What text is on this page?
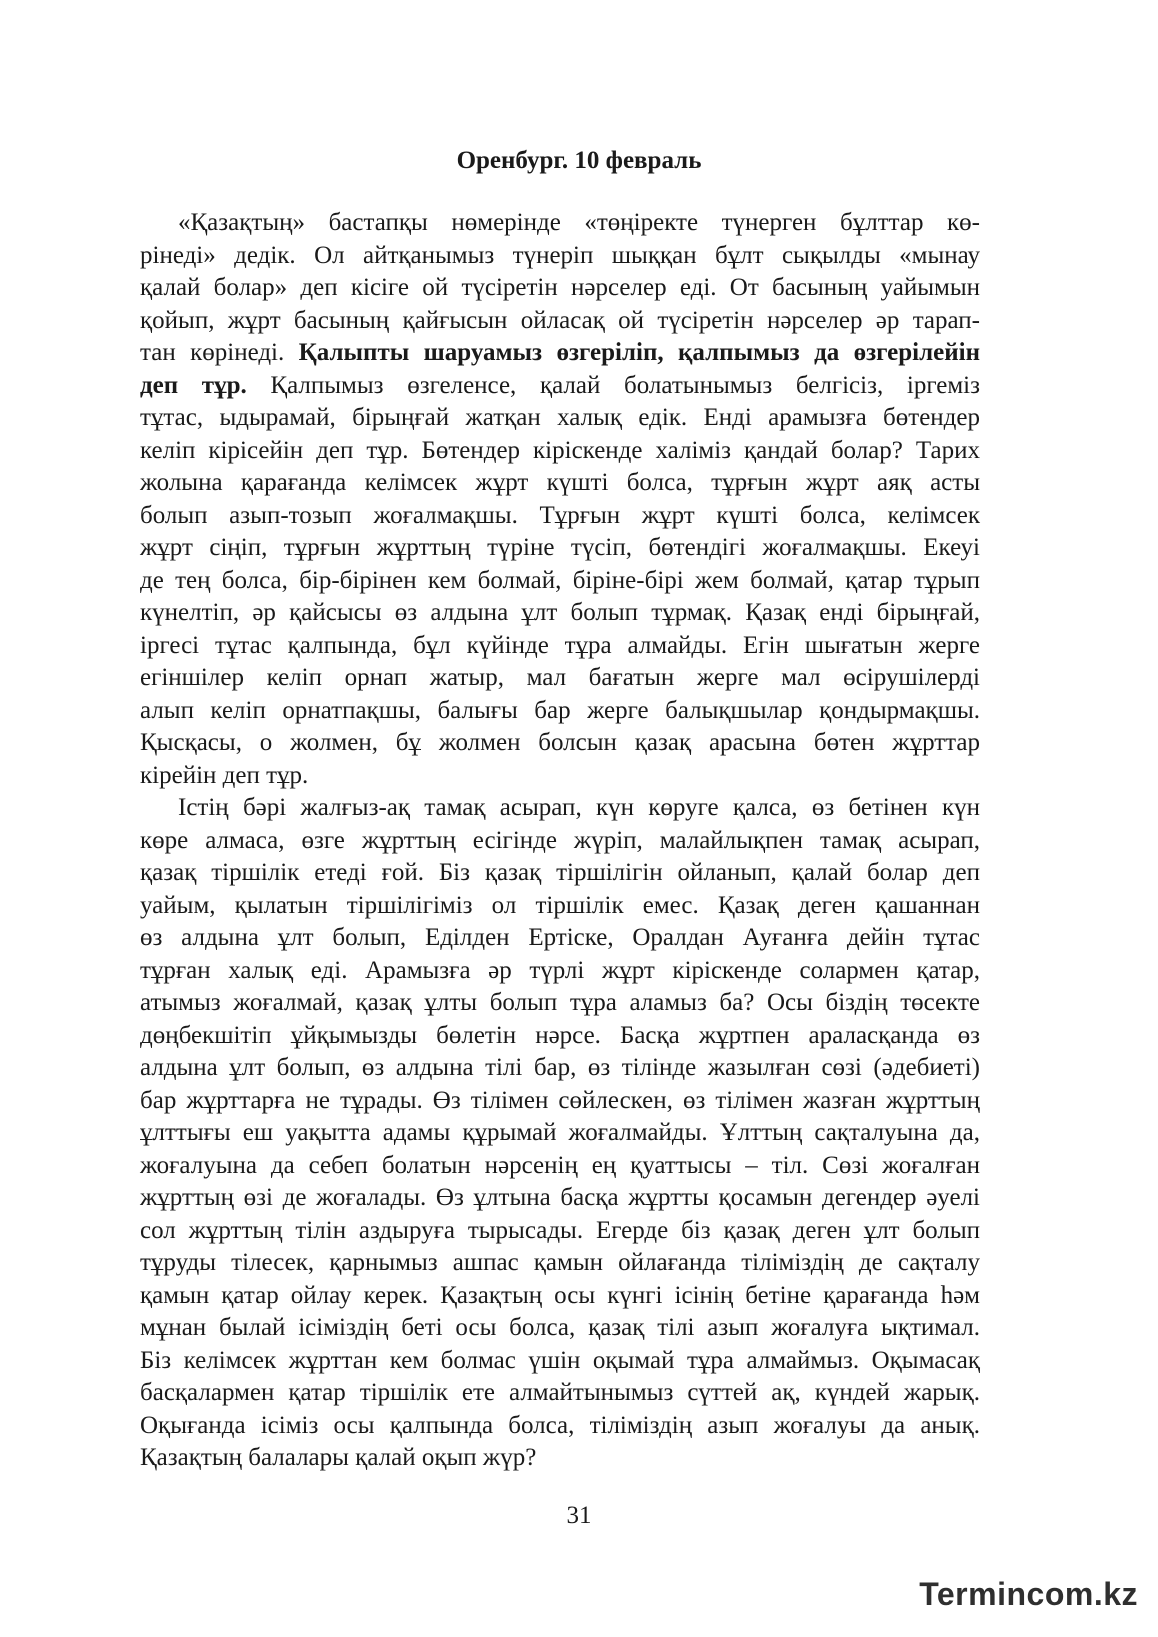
Оренбург. 10 февраль
«Қазақтың» бастапқы нөмерінде «төңіректе түнерген бұлттар кө-
рінеді» дедік. Ол айтқанымыз түнеріп шыққан бұлт сықылды «мынау
қалай болар» деп кісіге ой түсіретін нәрселер еді. От басының уайымын
қойып, жұрт басының қайғысын ойласақ ой түсіретін нәрселер әр тарап-
тан көрінеді. Қалыпты шаруамыз өзгеріліп, қалпымыз да өзгерілейін
деп тұр. Қалпымыз өзгеленсе, қалай болатынымыз белгісіз, іргеміз
тұтас, ыдырамай, бірыңғай жатқан халық едік. Енді арамызға бөтендер
келіп кірісейін деп тұр. Бөтендер кіріскенде халіміз қандай болар? Тарих
жолына қарағанда келімсек жұрт күшті болса, тұрғын жұрт аяқ асты
болып азып-тозып жоғалмақшы. Тұрғын жұрт күшті болса, келімсек
жұрт сіңіп, тұрғын жұрттың түріне түсіп, бөтендігі жоғалмақшы. Екеуі
де тең болса, бір-бірінен кем болмай, біріне-бірі жем болмай, қатар тұрып
күнелтіп, әр қайсысы өз алдына ұлт болып тұрмақ. Қазақ енді бірыңғай,
іргесі тұтас қалпында, бұл күйінде тұра алмайды. Егін шығатын жерге
егіншілер келіп орнап жатыр, мал бағатын жерге мал өсірушілерді
алып келіп орнатпақшы, балығы бар жерге балықшылар қондырмақшы.
Қысқасы, о жолмен, бұ жолмен болсын қазақ арасына бөтен жұрттар
кірейін деп тұр.
Істің бәрі жалғыз-ақ тамақ асырап, күн көруге қалса, өз бетінен күн
көре алмаса, өзге жұрттың есігінде жүріп, малайлықпен тамақ асырап,
қазақ тіршілік етеді ғой. Біз қазақ тіршілігін ойланып, қалай болар деп
уайым, қылатын тіршілігіміз ол тіршілік емес. Қазақ деген қашаннан
өз алдына ұлт болып, Еділден Ертіске, Оралдан Ауғанға дейін тұтас
тұрған халық еді. Арамызға әр түрлі жұрт кіріскенде солармен қатар,
атымыз жоғалмай, қазақ ұлты болып тұра аламыз ба? Осы біздің төсекте
дөңбекшітіп ұйқымызды бөлетін нәрсе. Басқа жұртпен араласқанда өз
алдына ұлт болып, өз алдына тілі бар, өз тілінде жазылған сөзі (әдебиеті)
бар жұрттарға не тұрады. Өз тілімен сөйлескен, өз тілімен жазған жұрттың
ұлттығы еш уақытта адамы құрымай жоғалмайды. Ұлттың сақталуына да,
жоғалуына да себеп болатын нәрсенің ең қуаттысы – тіл. Сөзі жоғалған
жұрттың өзі де жоғалады. Өз ұлтына басқа жұртты қосамын дегендер әуелі
сол жұрттың тілін аздыруға тырысады. Егерде біз қазақ деген ұлт болып
тұруды тілесек, қарнымыз ашпас қамын ойлағанда тіліміздің де сақталу
қамын қатар ойлау керек. Қазақтың осы күнгі ісінің бетіне қарағанда һәм
мұнан былай ісіміздің беті осы болса, қазақ тілі азып жоғалуға ықтимал.
Біз келімсек жұрттан кем болмас үшін оқымай тұра алмаймыз. Оқымасақ
басқалармен қатар тіршілік ете алмайтынымыз сүттей ақ, күндей жарық.
Оқығанда ісіміз осы қалпында болса, тіліміздің азып жоғалуы да анық.
Қазақтың балалары қалай оқып жүр?
31
Termincom.kz
